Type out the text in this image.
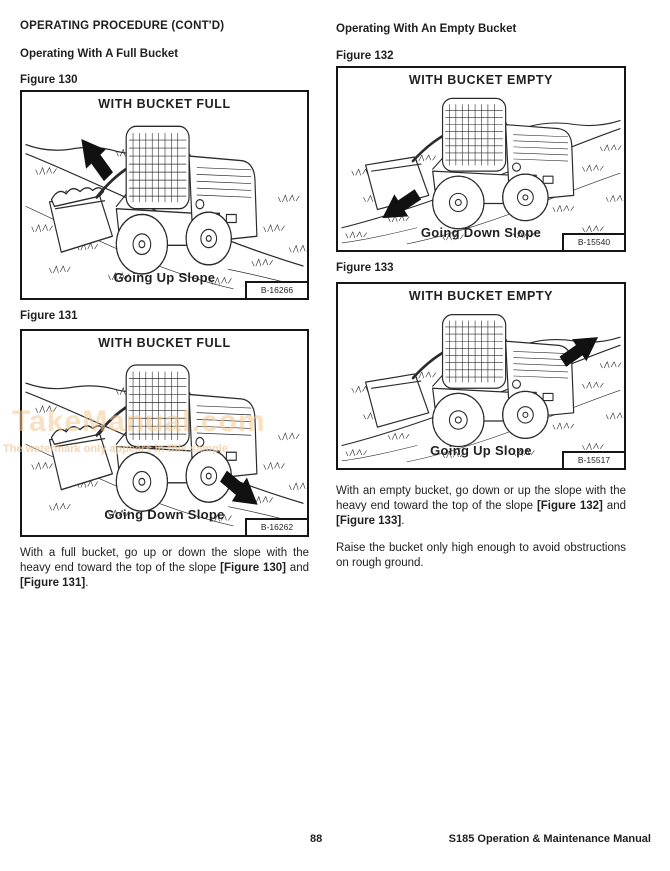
OPERATING PROCEDURE (CONT'D)
Operating With A Full Bucket
Figure 130
WITH BUCKET FULL
Going Up Slope
B-16266
Figure 131
WITH BUCKET FULL
Going Down Slope
B-16262
With a full bucket, go up or down the slope with the heavy end toward the top of the slope [Figure 130] and [Figure 131].
Operating With An Empty Bucket
Figure 132
WITH BUCKET EMPTY
Going Down Slope
B-15540
Figure 133
WITH BUCKET EMPTY
Going Up Slope
B-15517
With an empty bucket, go down or up the slope with the heavy end toward the top of the slope [Figure 132] and [Figure 133].
Raise the bucket only high enough to avoid obstructions on rough ground.
TakeManual.com
The watermark only appears in this sample
88	S185 Operation & Maintenance Manual
